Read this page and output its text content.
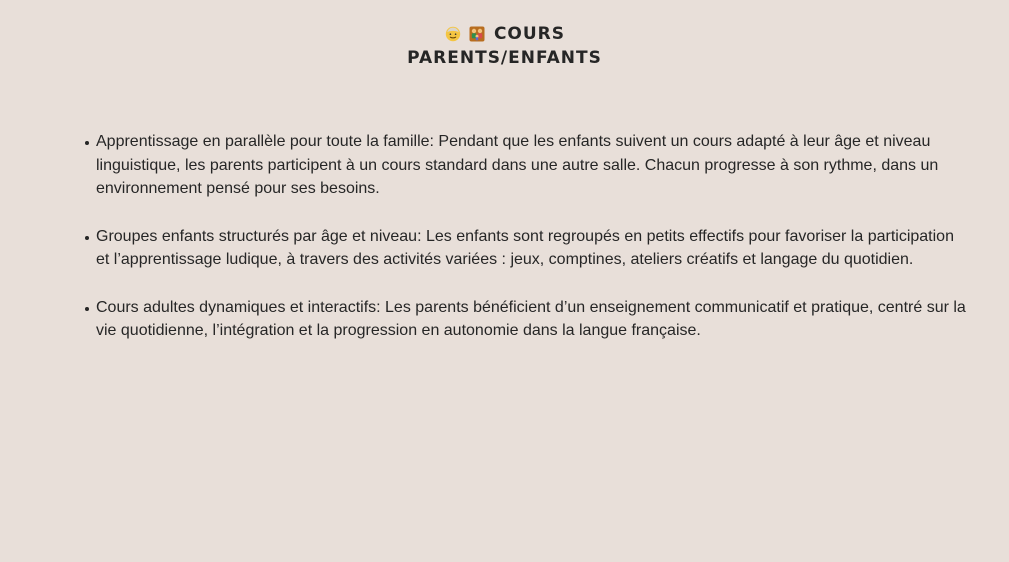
COURS
PARENTS/ENFANTS
Apprentissage en parallèle pour toute la famille: Pendant que les enfants suivent un cours adapté à leur âge et niveau linguistique, les parents participent à un cours standard dans une autre salle. Chacun progresse à son rythme, dans un environnement pensé pour ses besoins.
Groupes enfants structurés par âge et niveau: Les enfants sont regroupés en petits effectifs pour favoriser la participation et l’apprentissage ludique, à travers des activités variées : jeux, comptines, ateliers créatifs et langage du quotidien.
Cours adultes dynamiques et interactifs: Les parents bénéficient d’un enseignement communicatif et pratique, centré sur la vie quotidienne, l’intégration et la progression en autonomie dans la langue française.
